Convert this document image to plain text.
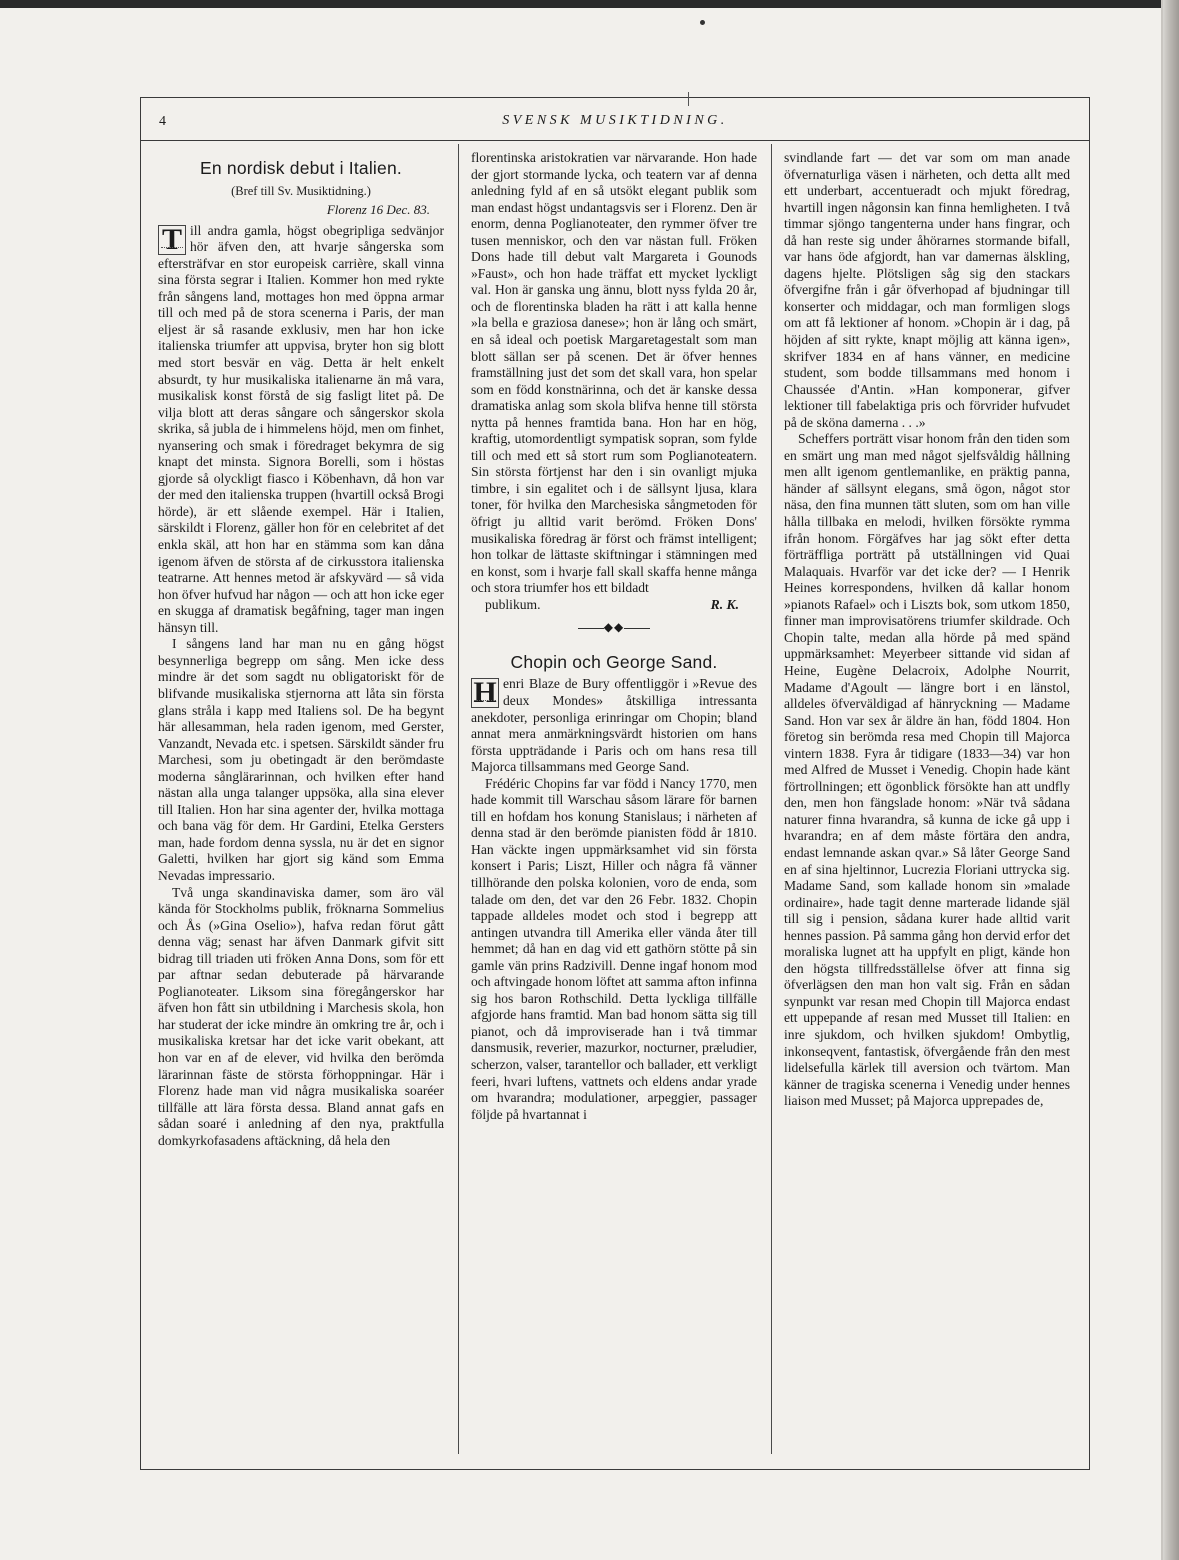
4	SVENSK MUSIKTIDNING.
En nordisk debut i Italien.
(Bref till Sv. Musiktidning.)
Florenz 16 Dec. 83.

T ill andra gamla, högst obegripliga sedvänjor hör äfven den, att hvarje sångerska som eftersträfvar en stor europeisk carrière, skall vinna sina första segrar i Italien. Kommer hon med rykte från sångens land, mottages hon med öppna armar till och med på de stora scenerna i Paris, der man eljest är så rasande exklusiv, men har hon icke italienska triumfer att uppvisa, bryter hon sig blott med stort besvär en väg. Detta är helt enkelt absurdt, ty hur musikaliska italienarne än må vara, musikalisk konst förstå de sig fasligt litet på. De vilja blott att deras sångare och sångerskor skola skrika, så jubla de i himmelens höjd, men om finhet, nyansering och smak i föredraget bekymra de sig knapt det minsta. Signora Borelli, som i höstas gjorde så olyckligt fiasco i Köbenhavn, då hon var der med den italienska truppen (hvartill också Brogi hörde), är ett slående exempel. Här i Italien, särskildt i Florenz, gäller hon för en celebritet af det enkla skäl, att hon har en stämma som kan dåna igenom äfven de största af de cirkusstora italienska teatrarne. Att hennes metod är afskyvärd — så vida hon öfver hufvud har någon — och att hon icke eger en skugga af dramatisk begåfning, tager man ingen hänsyn till.

I sångens land har man nu en gång högst besynnerliga begrepp om sång. Men icke dess mindre är det som sagdt nu obligatoriskt för de blifvande musikaliska stjernorna att låta sin första glans stråla i kapp med Italiens sol. De ha begynt här allesamman, hela raden igenom, med Gerster, Vanzandt, Nevada etc. i spetsen. Särskildt sänder fru Marchesi, som ju obetingadt är den berömdaste moderna sånglärarinnan, och hvilken efter hand nästan alla unga talanger uppsöka, alla sina elever till Italien. Hon har sina agenter der, hvilka mottaga och bana väg för dem. Hr Gardini, Etelka Gersters man, hade fordom denna syssla, nu är det en signor Galetti, hvilken har gjort sig känd som Emma Nevadas impressario.

Två unga skandinaviska damer, som äro väl kända för Stockholms publik, fröknarna Sommelius och Ås (»Gina Oselio»), hafva redan förut gått denna väg; senast har äfven Danmark gifvit sitt bidrag till triaden uti fröken Anna Dons, som för ett par aftnar sedan debuterade på härvarande Poglianoteater. Liksom sina föregångerskor har äfven hon fått sin utbildning i Marchesis skola, hon har studerat der icke mindre än omkring tre år, och i musikaliska kretsar har det icke varit obekant, att hon var en af de elever, vid hvilka den berömda lärarinnan fäste de största förhoppningar. Här i Florenz hade man vid några musikaliska soaréer tillfälle att lära första dessa. Bland annat gafs en sådan soaré i anledning af den nya, praktfulla domkyrkofasadens aftäckning, då hela den

florentinska aristokratien var närvarande. Hon hade der gjort stormande lycka, och teatern var af denna anledning fyld af en så utsökt elegant publik som man endast högst undantagsvis ser i Florenz. Den är enorm, denna Poglianoteater, den rymmer öfver tre tusen menniskor, och den var nästan full. Fröken Dons hade till debut valt Margareta i Gounods »Faust», och hon hade träffat ett mycket lyckligt val. Hon är ganska ung ännu, blott nyss fylda 20 år, och de florentinska bladen ha rätt i att kalla henne »la bella e graziosa danese»; hon är lång och smärt, en så ideal och poetisk Margaretagestalt som man blott sällan ser på scenen. Det är öfver hennes framställning just det som det skall vara, hon spelar som en född konstnärinna, och det är kanske dessa dramatiska anlag som skola blifva henne till största nytta på hennes framtida bana. Hon har en hög, kraftig, utomordentligt sympatisk sopran, som fylde till och med ett så stort rum som Poglianoteatern. Sin största förtjenst har den i sin ovanligt mjuka timbre, i sin egalitet och i de sällsynt ljusa, klara toner, för hvilka den Marchesiska sångmetoden för öfrigt ju alltid varit berömd. Fröken Dons' musikaliska föredrag är först och främst intelligent; hon tolkar de lättaste skiftningar i stämningen med en konst, som i hvarje fall skall skaffa henne många och stora triumfer hos ett bildadt

publikum.	R. K.

◆◆
Chopin och George Sand.

H enri Blaze de Bury offentliggör i »Revue des deux Mondes» åtskilliga intressanta anekdoter, personliga erinringar om Chopin; bland annat mera anmärkningsvärdt historien om hans första uppträdande i Paris och om hans resa till Majorca tillsammans med George Sand.

Frédéric Chopins far var född i Nancy 1770, men hade kommit till Warschau såsom lärare för barnen till en hofdam hos konung Stanislaus; i närheten af denna stad är den berömde pianisten född år 1810. Han väckte ingen uppmärksamhet vid sin första konsert i Paris; Liszt, Hiller och några få vänner tillhörande den polska kolonien, voro de enda, som talade om den, det var den 26 Febr. 1832. Chopin tappade alldeles modet och stod i begrepp att antingen utvandra till Amerika eller vända åter till hemmet; då han en dag vid ett gathörn stötte på sin gamle vän prins Radzivill. Denne ingaf honom mod och aftvingade honom löftet att samma afton infinna sig hos baron Rothschild. Detta lyckliga tillfälle afgjorde hans framtid. Man bad honom sätta sig till pianot, och då improviserade han i två timmar dansmusik, reverier, mazurkor, nocturner, præludier, scherzon, valser, tarantellor och ballader, ett verkligt feeri, hvari luftens, vattnets och eldens andar yrade om hvarandra; modulationer, arpeggier, passager följde på hvartannat i

svindlande fart — det var som om man anade öfvernaturliga väsen i närheten, och detta allt med ett underbart, accentueradt och mjukt föredrag, hvartill ingen någonsin kan finna hemligheten. I två timmar sjöngo tangenterna under hans fingrar, och då han reste sig under åhörarnes stormande bifall, var hans öde afgjordt, han var damernas älskling, dagens hjelte. Plötsligen såg sig den stackars öfvergifne från i går öfverhopad af bjudningar till konserter och middagar, och man formligen slogs om att få lektioner af honom. »Chopin är i dag, på höjden af sitt rykte, knapt möjlig att känna igen», skrifver 1834 en af hans vänner, en medicine student, som bodde tillsammans med honom i Chaussée d'Antin. »Han komponerar, gifver lektioner till fabelaktiga pris och förvrider hufvudet på de sköna damerna . . .»

Scheffers porträtt visar honom från den tiden som en smärt ung man med något sjelfsvåldig hållning men allt igenom gentlemanlike, en präktig panna, händer af sällsynt elegans, små ögon, något stor näsa, den fina munnen tätt sluten, som om han ville hålla tillbaka en melodi, hvilken försökte rymma ifrån honom. Förgäfves har jag sökt efter detta förträffliga porträtt på utställningen vid Quai Malaquais. Hvarför var det icke der? — I Henrik Heines korrespondens, hvilken då kallar honom »pianots Rafael» och i Liszts bok, som utkom 1850, finner man improvisatörens triumfer skildrade. Och Chopin talte, medan alla hörde på med spänd uppmärksamhet: Meyerbeer sittande vid sidan af Heine, Eugène Delacroix, Adolphe Nourrit, Madame d'Agoult — längre bort i en länstol, alldeles öfverväldigad af hänryckning — Madame Sand. Hon var sex år äldre än han, född 1804. Hon företog sin berömda resa med Chopin till Majorca vintern 1838. Fyra år tidigare (1833—34) var hon med Alfred de Musset i Venedig. Chopin hade känt förtrollningen; ett ögonblick försökte han att undfly den, men hon fängslade honom: »När två sådana naturer finna hvarandra, så kunna de icke gå upp i hvarandra; en af dem måste förtära den andra, endast lemnande askan qvar.» Så låter George Sand en af sina hjeltinnor, Lucrezia Floriani uttrycka sig. Madame Sand, som kallade honom sin »malade ordinaire», hade tagit denne marterade lidande själ till sig i pension, sådana kurer hade alltid varit hennes passion. På samma gång hon dervid erfor det moraliska lugnet att ha uppfylt en pligt, kände hon den högsta tillfredsställelse öfver att finna sig öfverlägsen den man hon valt sig. Från en sådan synpunkt var resan med Chopin till Majorca endast ett uppepande af resan med Musset till Italien: en inre sjukdom, och hvilken sjukdom! Ombytlig, inkonseqvent, fantastisk, öfvergående från den mest lidelsefulla kärlek till aversion och tvärtom. Man känner de tragiska scenerna i Venedig under hennes liaison med Musset; på Majorca upprepades de,
